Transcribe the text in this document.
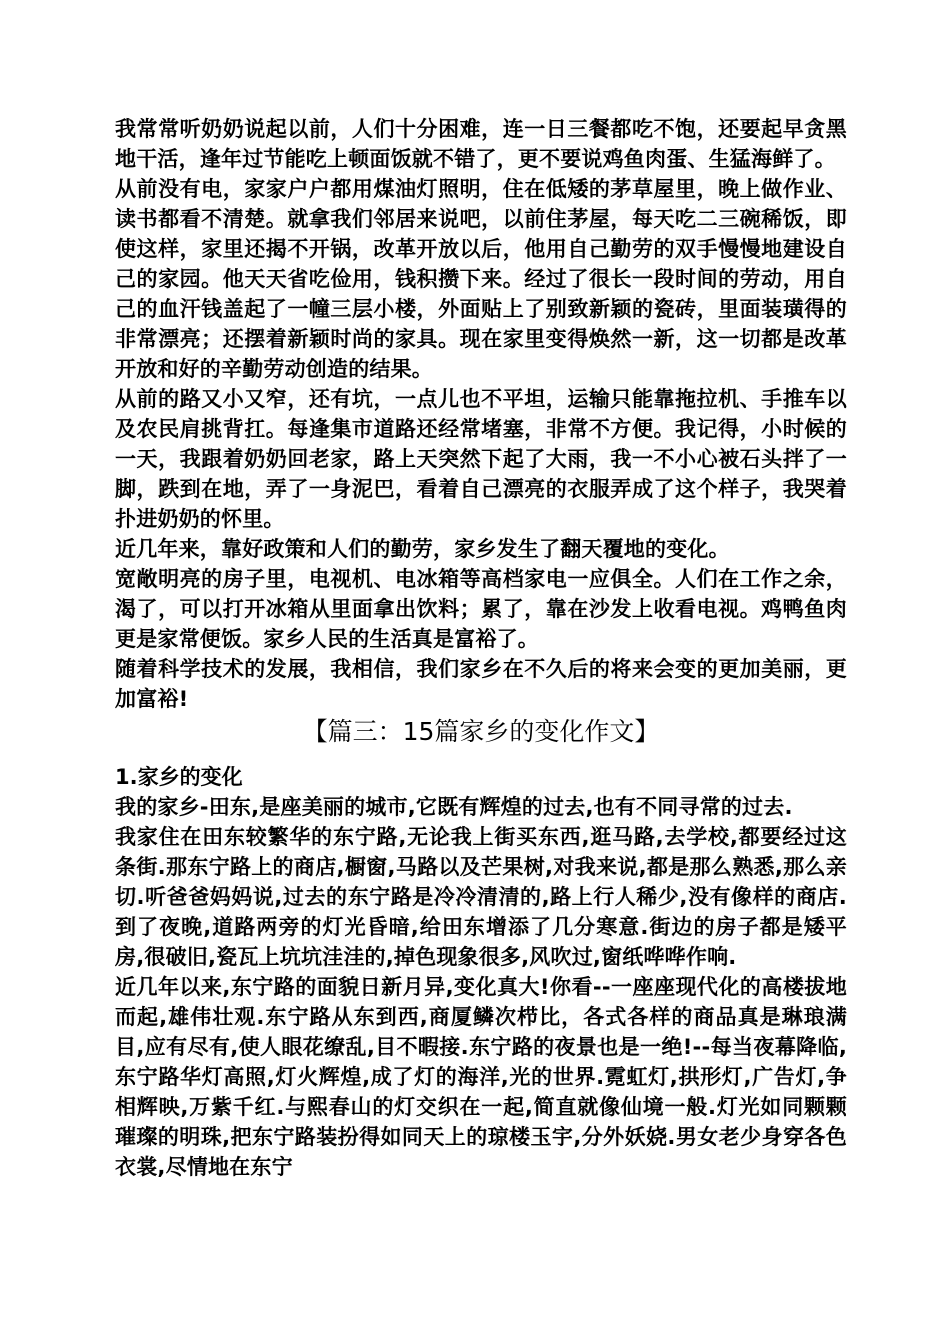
我常常听奶奶说起以前，人们十分困难，连一日三餐都吃不饱，还要起早贪黑地干活，逢年过节能吃上顿面饭就不错了，更不要说鸡鱼肉蛋、生猛海鲜了。

从前没有电，家家户户都用煤油灯照明，住在低矮的茅草屋里，晚上做作业、读书都看不清楚。就拿我们邻居来说吧，以前住茅屋，每天吃二三碗稀饭，即使这样，家里还揭不开锅，改革开放以后，他用自己勤劳的双手慢慢地建设自己的家园。他天天省吃俭用，钱积攒下来。经过了很长一段时间的劳动，用自己的血汗钱盖起了一幢三层小楼，外面贴上了别致新颖的瓷砖，里面装璜得的非常漂亮；还摆着新颖时尚的家具。现在家里变得焕然一新，这一切都是改革开放和好的辛勤劳动创造的结果。

从前的路又小又窄，还有坑，一点儿也不平坦，运输只能靠拖拉机、手推车以及农民肩挑背扛。每逢集市道路还经常堵塞，非常不方便。我记得，小时候的一天，我跟着奶奶回老家，路上天突然下起了大雨，我一不小心被石头拌了一脚，跌到在地，弄了一身泥巴，看着自己漂亮的衣服弄成了这个样子，我哭着扑进奶奶的怀里。

近几年来，靠好政策和人们的勤劳，家乡发生了翻天覆地的变化。

宽敞明亮的房子里，电视机、电冰箱等高档家电一应俱全。人们在工作之余，渴了，可以打开冰箱从里面拿出饮料；累了，靠在沙发上收看电视。鸡鸭鱼肉更是家常便饭。家乡人民的生活真是富裕了。

随着科学技术的发展，我相信，我们家乡在不久后的将来会变的更加美丽，更加富裕!

【篇三：15篇家乡的变化作文】

1.家乡的变化

我的家乡-田东,是座美丽的城市,它既有辉煌的过去,也有不同寻常的过去.

我家住在田东较繁华的东宁路,无论我上街买东西,逛马路,去学校,都要经过这条街.那东宁路上的商店,橱窗,马路以及芒果树,对我来说,都是那么熟悉,那么亲切.听爸爸妈妈说,过去的东宁路是冷冷清清的,路上行人稀少,没有像样的商店.到了夜晚,道路两旁的灯光昏暗,给田东增添了几分寒意.街边的房子都是矮平房,很破旧,瓷瓦上坑坑洼洼的,掉色现象很多,风吹过,窗纸哗哗作响.

近几年以来,东宁路的面貌日新月异,变化真大!你看--一座座现代化的高楼拔地而起,雄伟壮观.东宁路从东到西,商厦鳞次栉比，各式各样的商品真是琳琅满目,应有尽有,使人眼花缭乱,目不暇接.东宁路的夜景也是一绝!--每当夜幕降临,东宁路华灯高照,灯火辉煌,成了灯的海洋,光的世界.霓虹灯,拱形灯,广告灯,争相辉映,万紫千红.与熙春山的灯交织在一起,简直就像仙境一般.灯光如同颗颗璀璨的明珠,把东宁路装扮得如同天上的琼楼玉宇,分外妖娆.男女老少身穿各色衣裳,尽情地在东宁
